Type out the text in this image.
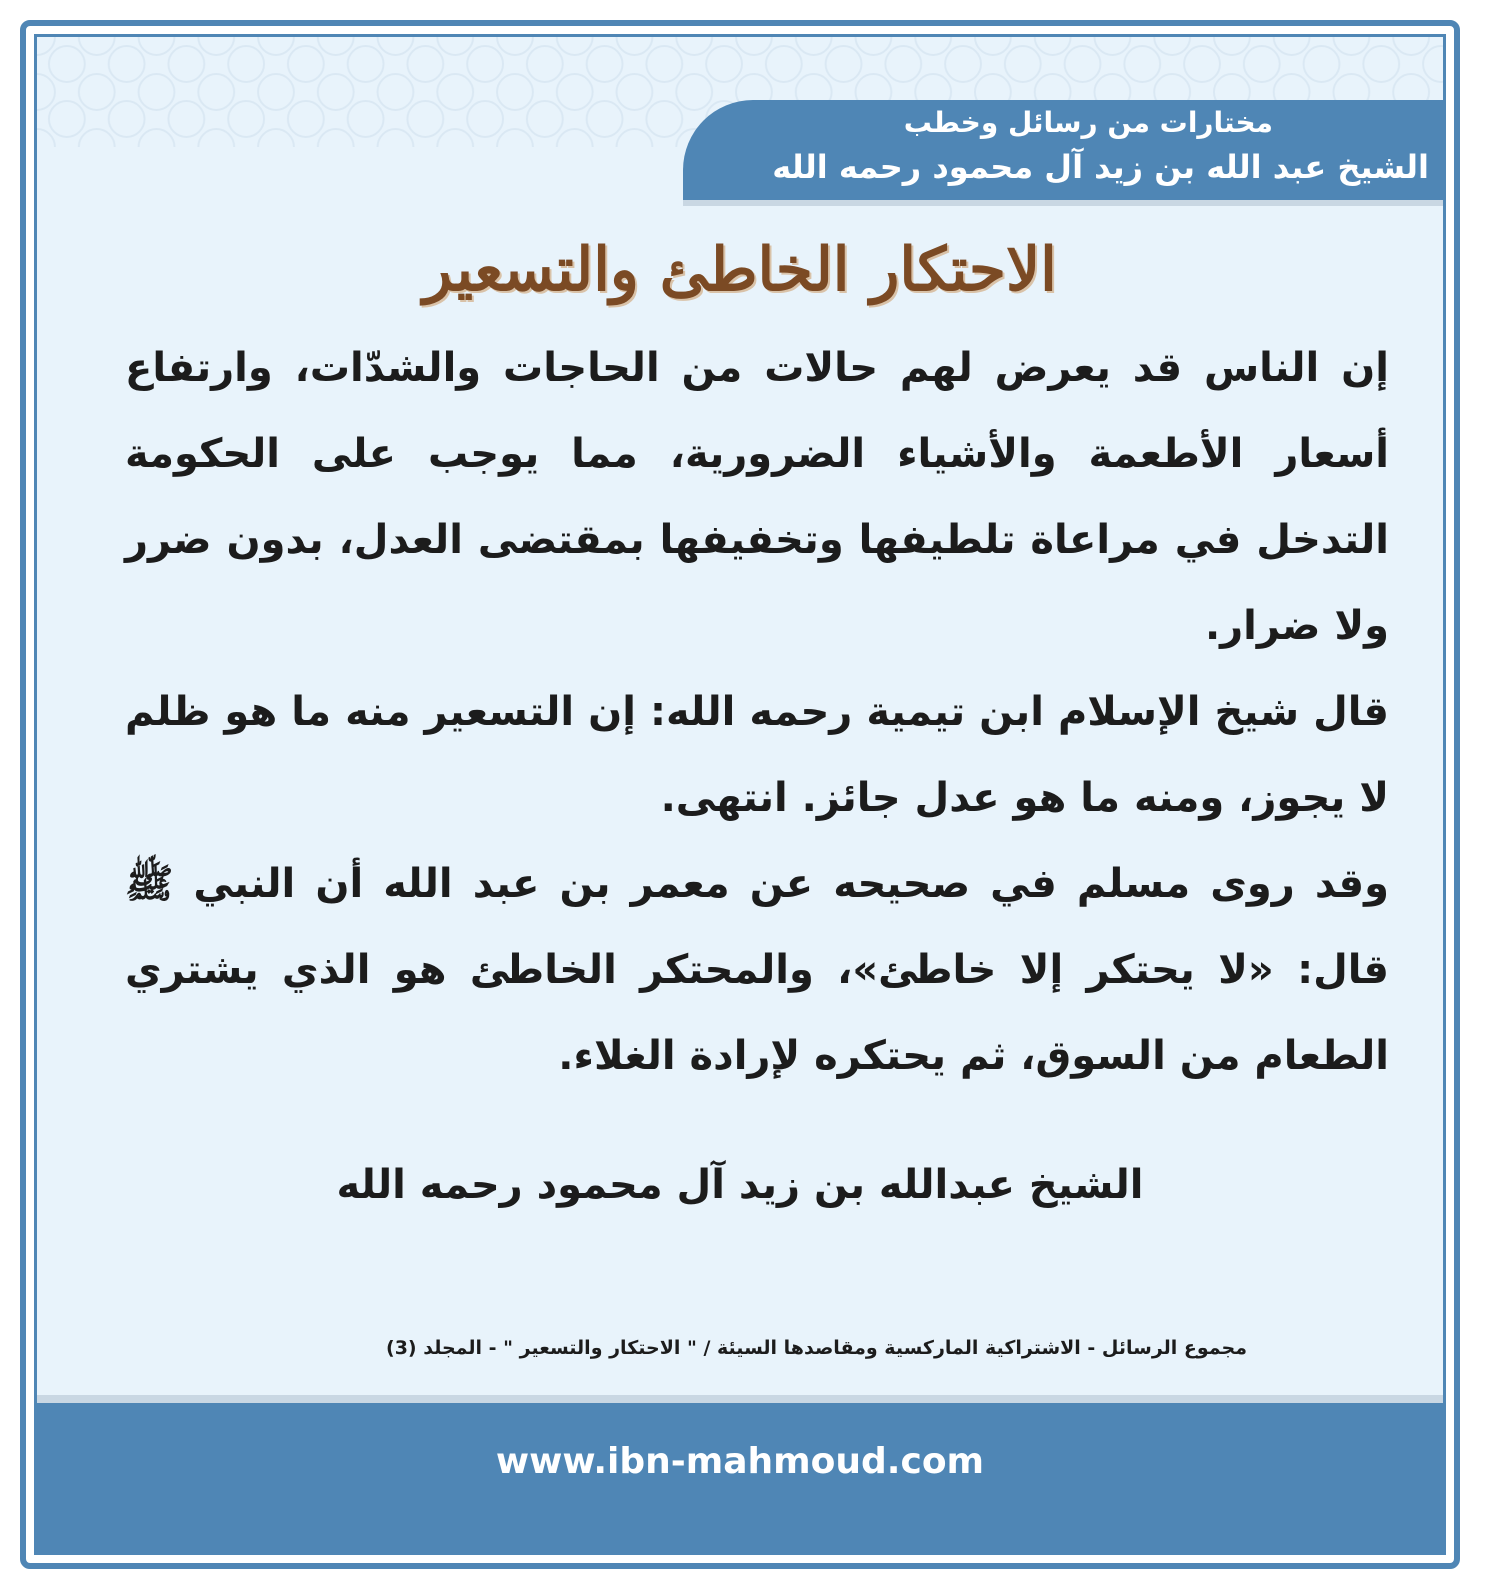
مختارات من رسائل وخطب
الشيخ عبد الله بن زيد آل محمود رحمه الله
الاحتكار الخاطئ والتسعير

إن الناس قد يعرض لهم حالات من الحاجات والشدّات، وارتفاع أسعار الأطعمة والأشياء الضرورية، مما يوجب على الحكومة التدخل في مراعاة تلطيفها وتخفيفها بمقتضى العدل، بدون ضرر ولا ضرار.

قال شيخ الإسلام ابن تيمية رحمه الله: إن التسعير منه ما هو ظلم لا يجوز، ومنه ما هو عدل جائز. انتهى.

وقد روى مسلم في صحيحه عن معمر بن عبد الله أن النبي ﷺ قال: «لا يحتكر إلا خاطئ»، والمحتكر الخاطئ هو الذي يشتري الطعام من السوق، ثم يحتكره لإرادة الغلاء.

الشيخ عبدالله بن زيد آل محمود رحمه الله
مجموع الرسائل - الاشتراكية الماركسية ومقاصدها السيئة / " الاحتكار والتسعير " - المجلد (3)
www.ibn-mahmoud.com
